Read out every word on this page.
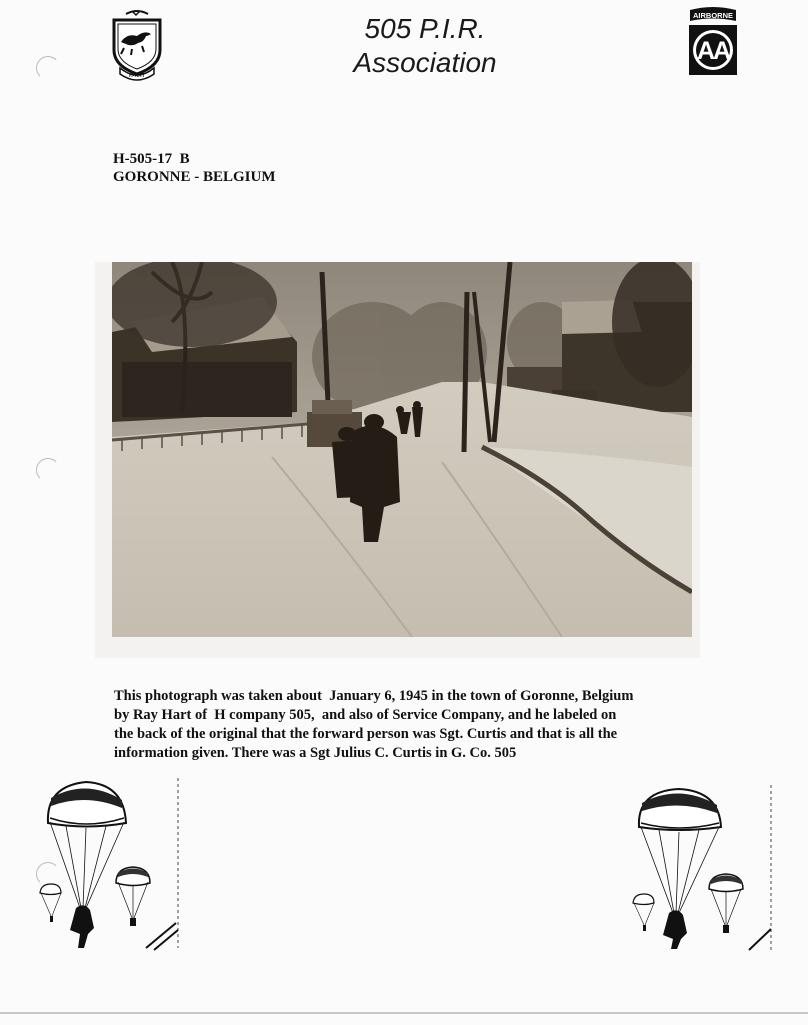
505 P.I.R.
Association
H•ART
AIRBORNE
AA
H-505-17  B
GORONNE - BELGIUM
This photograph was taken about  January 6, 1945 in the town of Goronne, Belgium
by Ray Hart of  H company 505,  and also of Service Company, and he labeled on
the back of the original that the forward person was Sgt. Curtis and that is all the
information given. There was a Sgt Julius C. Curtis in G. Co. 505
